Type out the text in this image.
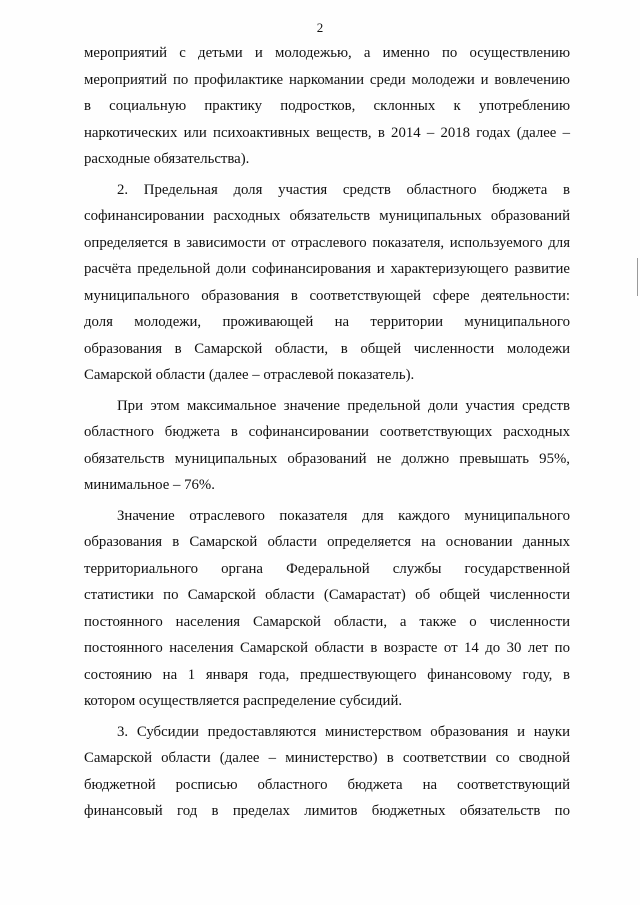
2
мероприятий с детьми и молодежью, а именно по осуществлению
мероприятий по профилактике наркомании среди молодежи и вовлечению
в социальную практику подростков, склонных к употреблению
наркотических или психоактивных веществ, в 2014 – 2018 годах (далее –
расходные обязательства).
2. Предельная доля участия средств областного бюджета в
софинансировании расходных обязательств муниципальных образований
определяется в зависимости от отраслевого показателя, используемого для
расчёта предельной доли софинансирования и характеризующего развитие
муниципального образования в соответствующей сфере деятельности:
доля молодежи, проживающей на территории муниципального
образования в Самарской области, в общей численности молодежи
Самарской области (далее – отраслевой показатель).
При этом максимальное значение предельной доли участия средств
областного бюджета в софинансировании соответствующих расходных
обязательств муниципальных образований не должно превышать 95%,
минимальное – 76%.
Значение отраслевого показателя для каждого муниципального
образования в Самарской области определяется на основании данных
территориального органа Федеральной службы государственной
статистики по Самарской области (Самарастат) об общей численности
постоянного населения Самарской области, а также о численности
постоянного населения Самарской области в возрасте от 14 до 30 лет по
состоянию на 1 января года, предшествующего финансовому году, в
котором осуществляется распределение субсидий.
3. Субсидии предоставляются министерством образования и науки
Самарской области (далее – министерство) в соответствии со сводной
бюджетной росписью областного бюджета на соответствующий
финансовый год в пределах лимитов бюджетных обязательств по
